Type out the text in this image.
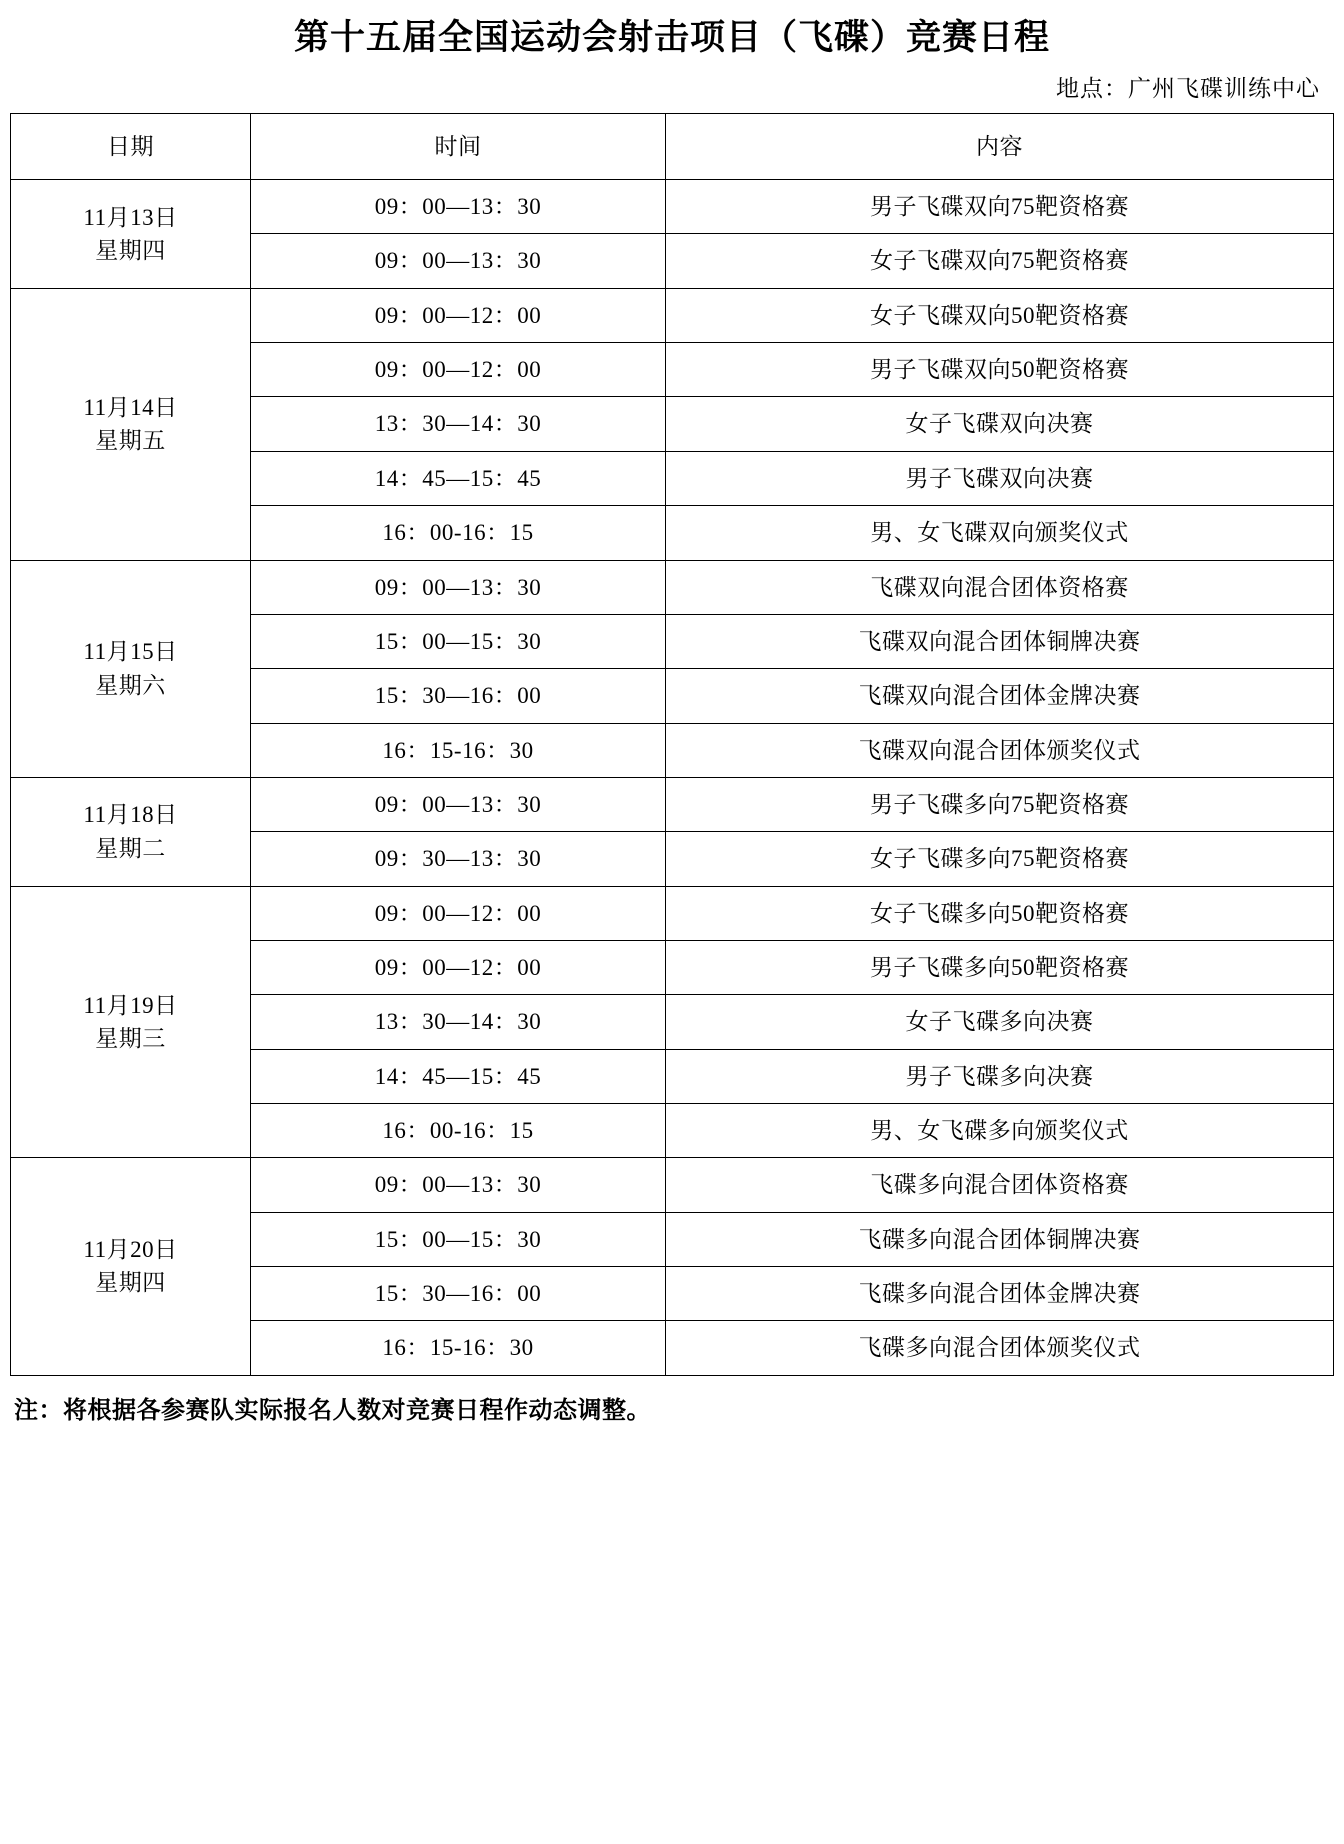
第十五届全国运动会射击项目（飞碟）竞赛日程
地点：广州飞碟训练中心
日期	时间	内容

11月13日
星期四	09：00—13：30	男子飞碟双向75靶资格赛
	09：00—13：30	女子飞碟双向75靶资格赛

11月14日
星期五	09：00—12：00	女子飞碟双向50靶资格赛
	09：00—12：00	男子飞碟双向50靶资格赛
	13：30—14：30	女子飞碟双向决赛
	14：45—15：45	男子飞碟双向决赛
	16：00-16：15	男、女飞碟双向颁奖仪式

11月15日
星期六	09：00—13：30	飞碟双向混合团体资格赛
	15：00—15：30	飞碟双向混合团体铜牌决赛
	15：30—16：00	飞碟双向混合团体金牌决赛
	16：15-16：30	飞碟双向混合团体颁奖仪式

11月18日
星期二	09：00—13：30	男子飞碟多向75靶资格赛
	09：30—13：30	女子飞碟多向75靶资格赛

11月19日
星期三	09：00—12：00	女子飞碟多向50靶资格赛
	09：00—12：00	男子飞碟多向50靶资格赛
	13：30—14：30	女子飞碟多向决赛
	14：45—15：45	男子飞碟多向决赛
	16：00-16：15	男、女飞碟多向颁奖仪式

11月20日
星期四	09：00—13：30	飞碟多向混合团体资格赛
	15：00—15：30	飞碟多向混合团体铜牌决赛
	15：30—16：00	飞碟多向混合团体金牌决赛
	16：15-16：30	飞碟多向混合团体颁奖仪式
注：将根据各参赛队实际报名人数对竞赛日程作动态调整。
